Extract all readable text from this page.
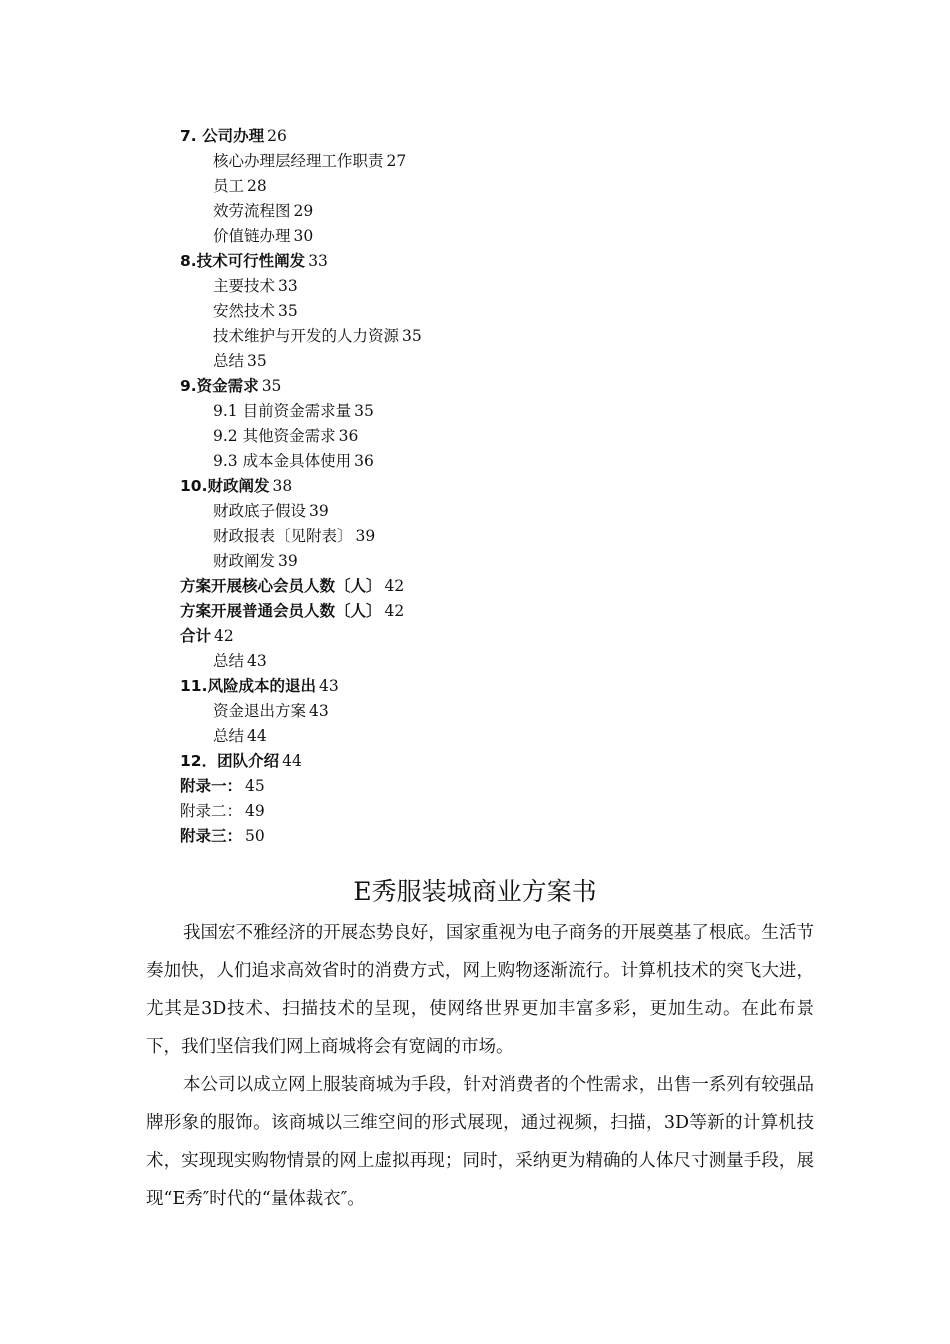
7. 公司办理 26
核心办理层经理工作职责 27
员工 28
效劳流程图 29
价值链办理 30
8.技术可行性阐发 33
主要技术 33
安然技术 35
技术维护与开发的人力资源 35
总结 35
9.资金需求 35
9.1 目前资金需求量 35
9.2 其他资金需求 36
9.3 成本金具体使用 36
10.财政阐发 38
财政底子假设 39
财政报表〔见附表〕 39
财政阐发 39
方案开展核心会员人数〔人〕 42
方案开展普通会员人数〔人〕 42
合计 42
总结 43
11.风险成本的退出 43
资金退出方案 43
总结 44
12．团队介绍 44
附录一： 45
附录二： 49
附录三： 50
E秀服装城商业方案书

我国宏不雅经济的开展态势良好，国家重视为电子商务的开展奠基了根底。生活节奏加快，人们追求高效省时的消费方式，网上购物逐渐流行。计算机技术的突飞大进，尤其是3D技术、扫描技术的呈现，使网络世界更加丰富多彩，更加生动。在此布景下，我们坚信我们网上商城将会有宽阔的市场。

本公司以成立网上服装商城为手段，针对消费者的个性需求，出售一系列有较强品牌形象的服饰。该商城以三维空间的形式展现，通过视频，扫描，3D等新的计算机技术，实现现实购物情景的网上虚拟再现；同时，采纳更为精确的人体尺寸测量手段，展现“E秀″时代的“量体裁衣″。
